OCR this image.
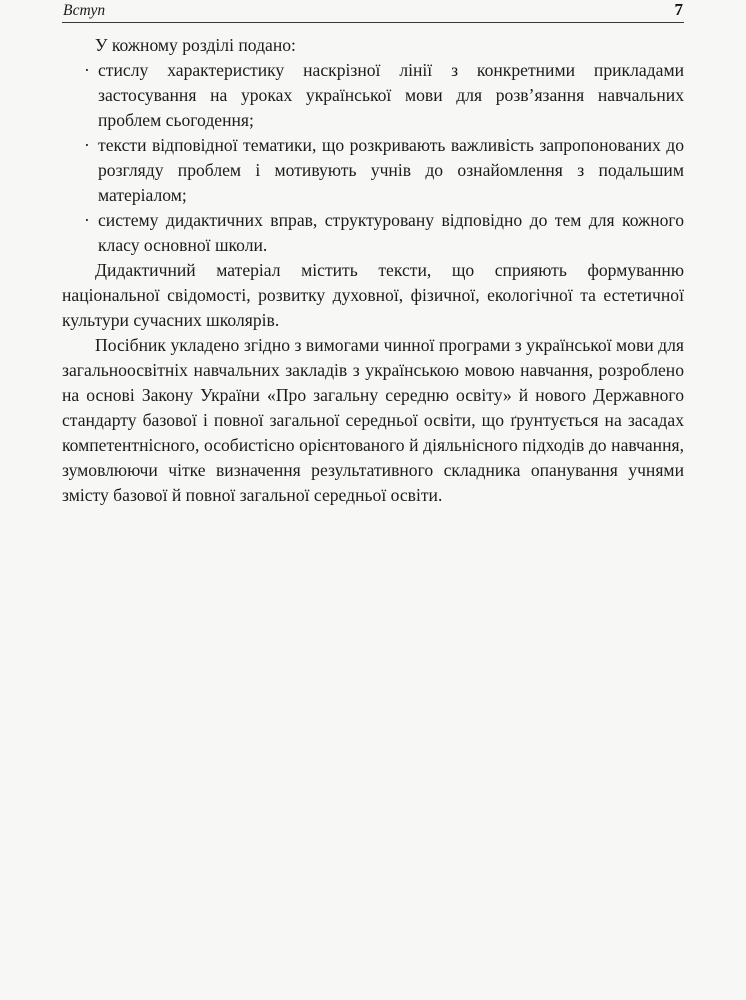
Вступ	7

У кожному розділі подано:

· стислу характеристику наскрізної лінії з конкретними прикладами застосування на уроках української мови для розв’язання навчальних проблем сьогодення;
· тексти відповідної тематики, що розкривають важливість запропонованих до розгляду проблем і мотивують учнів до ознайомлення з подальшим матеріалом;
· систему дидактичних вправ, структуровану відповідно до тем для кожного класу основної школи.

Дидактичний матеріал містить тексти, що сприяють формуванню національної свідомості, розвитку духовної, фізичної, екологічної та естетичної культури сучасних школярів.

Посібник укладено згідно з вимогами чинної програми з української мови для загальноосвітніх навчальних закладів з українською мовою навчання, розроблено на основі Закону України «Про загальну середню освіту» й нового Державного стандарту базової і повної загальної середньої освіти, що ґрунтується на засадах компетентнісного, особистісно орієнтованого й діяльнісного підходів до навчання, зумовлюючи чітке визначення результативного складника опанування учнями змісту базової й повної загальної середньої освіти.
